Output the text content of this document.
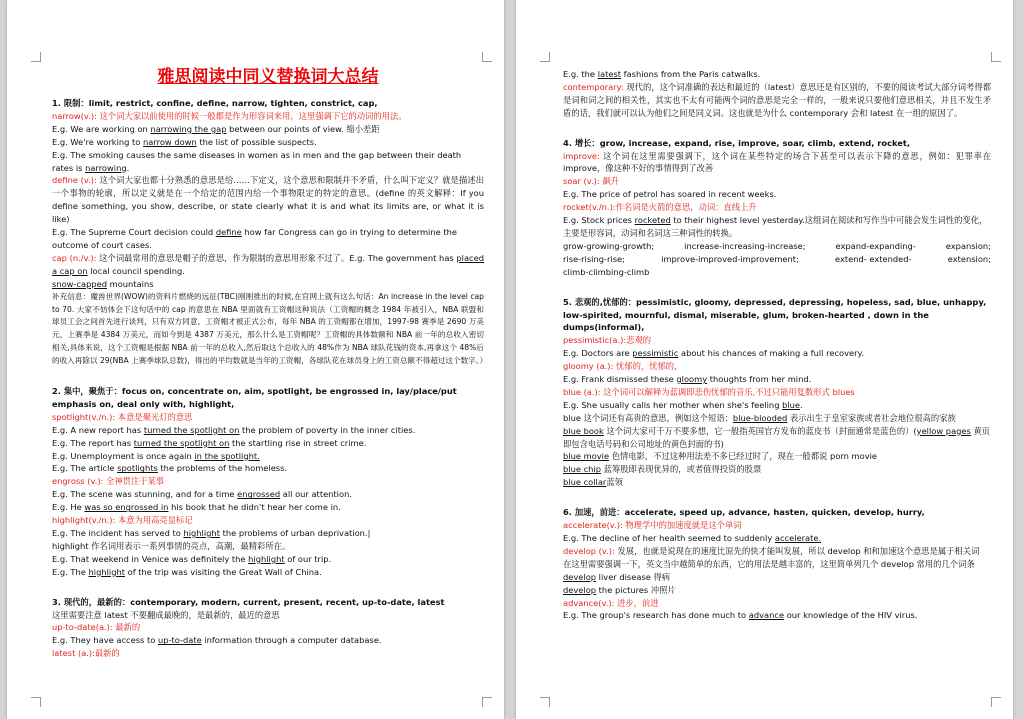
雅思阅读中同义替换词大总结
1. 限制：limit, restrict, confine, define, narrow, tighten, constrict, cap,
narrow(v.): 这个词大家以前使用的时候一般都是作为形容词来用，这里强调下它的动词的用法。
E.g. We are working on narrowing the gap between our points of view. 缩小差距
E.g. We're working to narrow down the list of possible suspects.
E.g. The smoking causes the same diseases in women as in men and the gap between their death rates is narrowing.
define (v.): 这个词大家也都十分熟悉的意思是给……下定义，这个意思和限制并不矛盾，什么叫下定义？就是描述出一个事物的轮廓，所以定义就是在一个给定的范围内给一个事物限定的特定的意思。(define 的英文解释：If you define something, you show, describe, or state clearly what it is and what its limits are, or what it is like)
E.g. The Supreme Court decision could define how far Congress can go in trying to determine the outcome of court cases.
cap (n./v.): 这个词最常用的意思是帽子的意思，作为限制的意思用形象不过了。E.g. The government has placed a cap on local council spending.
snow-capped mountains
补充信息：魔兽世界(WOW)的资料片燃烧的远征(TBC)刚刚推出的时候,在官网上就有这么句话：An increase in the level cap to 70. 大家不妨体会下这句话中的 cap 的意思在 NBA 里面就有工资帽这种说法（工资帽的概念 1984 年被引入，NBA 联盟和球员工会之间首先进行谈判，只有双方同意，工资帽才被正式公布，每年 NBA 的工资帽都在增加，1997-98 赛季是 2690 万美元，上赛季是 4384 万美元，而如今到是 4387 万美元，那么什么是工资帽呢？工资帽的具体数额和 NBA 前一年的总收入密切相关,具体来说，这个工资帽是根据 NBA 前一年的总收入,然后取这个总收入的 48%作为 NBA 球队花钱的资本,再拿这个 48%后的收入再除以 29(NBA 上赛季球队总数)，得出的平均数就是当年的工资帽，各球队花在球员身上的工资总额不得超过这个数字。）
2. 集中，聚焦于：focus on, concentrate on, aim, spotlight, be engrossed in, lay/place/put emphasis on, deal only with, highlight,
spotlight(v./n.): 本意是聚光灯的意思
E.g. A new report has turned the spotlight on the problem of poverty in the inner cities.
E.g. The report has turned the spotlight on the startling rise in street crime.
E.g. Unemployment is once again in the spotlight.
E.g. The article spotlights the problems of the homeless.
engross (v.): 全神贯注于某事
E.g. The scene was stunning, and for a time engrossed all our attention.
E.g. He was so engrossed in his book that he didn't hear her come in.
highlight(v./n.): 本意为用高亮显标记
E.g. The incident has served to highlight the problems of urban deprivation.|
highlight 作名词用表示一系列事情的亮点，高潮，最精彩所在。
E.g. That weekend in Venice was definitely the highlight of our trip.
E.g. The highlight of the trip was visiting the Great Wall of China.
3. 现代的，最新的：contemporary, modern, current, present, recent, up-to-date, latest
这里需要注意 latest 不要翻成最晚的，是最新的，最近的意思
up-to-date(a.): 最新的
E.g. They have access to up-to-date information through a computer database.
latest (a.):最新的
E.g. the latest fashions from the Paris catwalks.
contemporary: 现代的，这个词准确的表达和最近的（latest）意思还是有区别的，不要的阅读考试大部分词考得都是词和词之间的相关性，其实也不太有可能两个词的意思是完全一样的，一般来说只要他们意思相关，并且不发生矛盾的话，我们就可以认为他们之间是同义词。这也就是为什么 contemporary 会和 latest 在一组的原因了。
4. 增长：grow, increase, expand, rise, improve, soar, climb, extend, rocket,
improve: 这个词在这里需要强调下，这个词在某些特定的场合下甚至可以表示下降的意思，例如：犯罪率在 improve，像这种不好的事情得到了改善
soar (v.): 飙升
E.g. The price of petrol has soared in recent weeks.
rocket(v./n.):作名词是火箭的意思，动词：直线上升
E.g. Stock prices rocketed to their highest level yesterday.这组词在阅读和写作当中可能会发生词性的变化，主要是形容词，动词和名词这三种词性的转换。
grow-growing-growth;	increase-increasing-increase;	expand-expanding-	expansion;
rise-rising-rise;	improve-improved-improvement;	extend- extended-	extension;
climb-climbing-climb
5. 悲观的,忧郁的：pessimistic, gloomy, depressed, depressing, hopeless, sad, blue, unhappy, low-spirited, mournful, dismal, miserable, glum, broken-hearted , down in the dumps(informal),
pessimistic(a.):悲观的
E.g. Doctors are pessimistic about his chances of making a full recovery.
gloomy (a.): 忧郁的，忧郁的，
E.g. Frank dismissed these gloomy thoughts from her mind.
blue (a.): 这个词可以解释为蓝调即悲伤忧郁的音乐,不过只能用复数形式 blues
E.g. She usually calls her mother when she's feeling blue.
blue 这个词还有高贵的意思，例如这个短语：blue-blooded 表示出生于皇室家族或者社会地位很高的家族
blue book 这个词大家可千万不要多想，它一般指英国官方发布的蓝皮书（封面通常是蓝色的）(yellow pages 黄页即包含电话号码和公司地址的黄色封面的书)
blue movie 色情电影，不过这种用法差不多已经过时了，现在一般都说 porn movie
blue chip 蓝筹股即表现优异的，或者值得投资的股票
blue collar蓝领
6. 加速，前进：accelerate, speed up, advance, hasten, quicken, develop, hurry,
accelerate(v.): 物理学中的加速度就是这个单词
E.g. The decline of her health seemed to suddenly accelerate.
develop (v.): 发展，也就是说现在的速度比原先的快才能叫发展，所以 develop 和和加速这个意思是属于相关词
在这里需要强调一下，英文当中越简单的东西，它的用法是越丰富的，这里简单列几个 develop 常用的几个词条
develop liver disease 得病
develop the pictures 冲照片
advance(v.): 进步，前进
E.g. The group's research has done much to advance our knowledge of the HIV virus.
